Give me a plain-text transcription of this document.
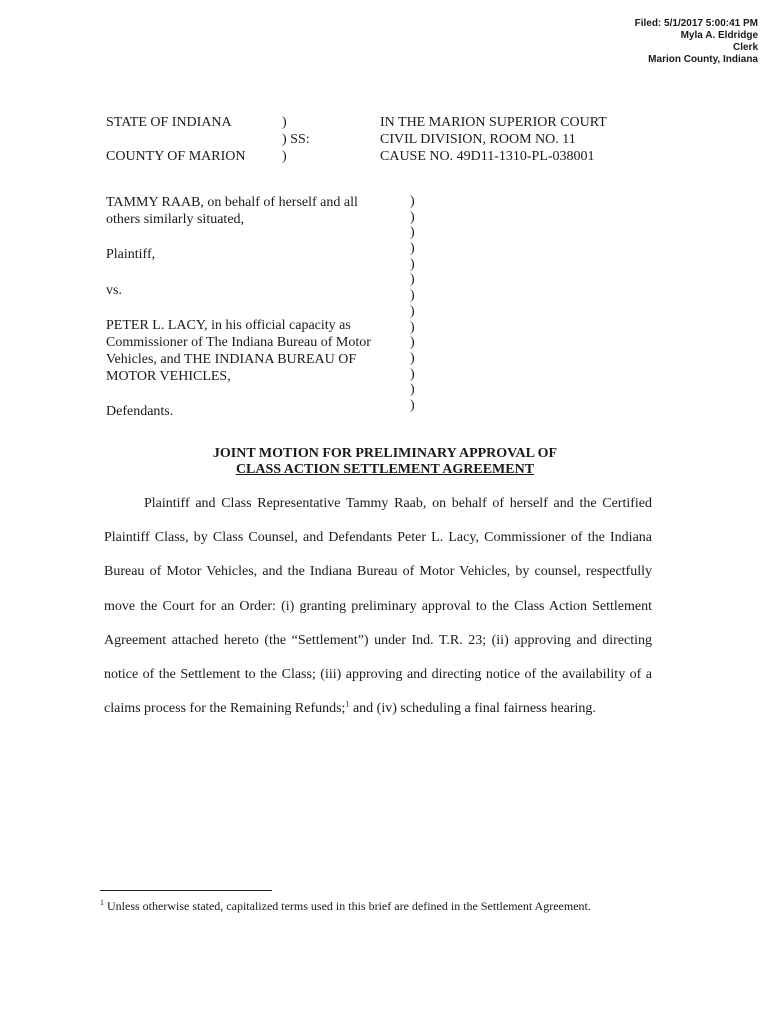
Filed: 5/1/2017 5:00:41 PM
Myla A. Eldridge
Clerk
Marion County, Indiana
STATE OF INDIANA
COUNTY OF MARION
)
) SS:
)
IN THE MARION SUPERIOR COURT
CIVIL DIVISION, ROOM NO. 11
CAUSE NO. 49D11-1310-PL-038001
TAMMY RAAB, on behalf of herself and all
others similarly situated,
Plaintiff,
vs.
PETER L. LACY, in his official capacity as
Commissioner of The Indiana Bureau of Motor
Vehicles, and THE INDIANA BUREAU OF
MOTOR VEHICLES,
Defendants.
)
)
)
)
)
)
)
)
)
)
)
)
)
)
JOINT MOTION FOR PRELIMINARY APPROVAL OF
CLASS ACTION SETTLEMENT AGREEMENT

Plaintiff and Class Representative Tammy Raab, on behalf of herself and the Certified Plaintiff Class, by Class Counsel, and Defendants Peter L. Lacy, Commissioner of the Indiana Bureau of Motor Vehicles, and the Indiana Bureau of Motor Vehicles, by counsel, respectfully move the Court for an Order: (i) granting preliminary approval to the Class Action Settlement Agreement attached hereto (the “Settlement”) under Ind. T.R. 23; (ii) approving and directing notice of the Settlement to the Class; (iii) approving and directing notice of the availability of a claims process for the Remaining Refunds;$^1$ and (iv) scheduling a final fairness hearing.

$^1$ Unless otherwise stated, capitalized terms used in this brief are defined in the Settlement Agreement.
